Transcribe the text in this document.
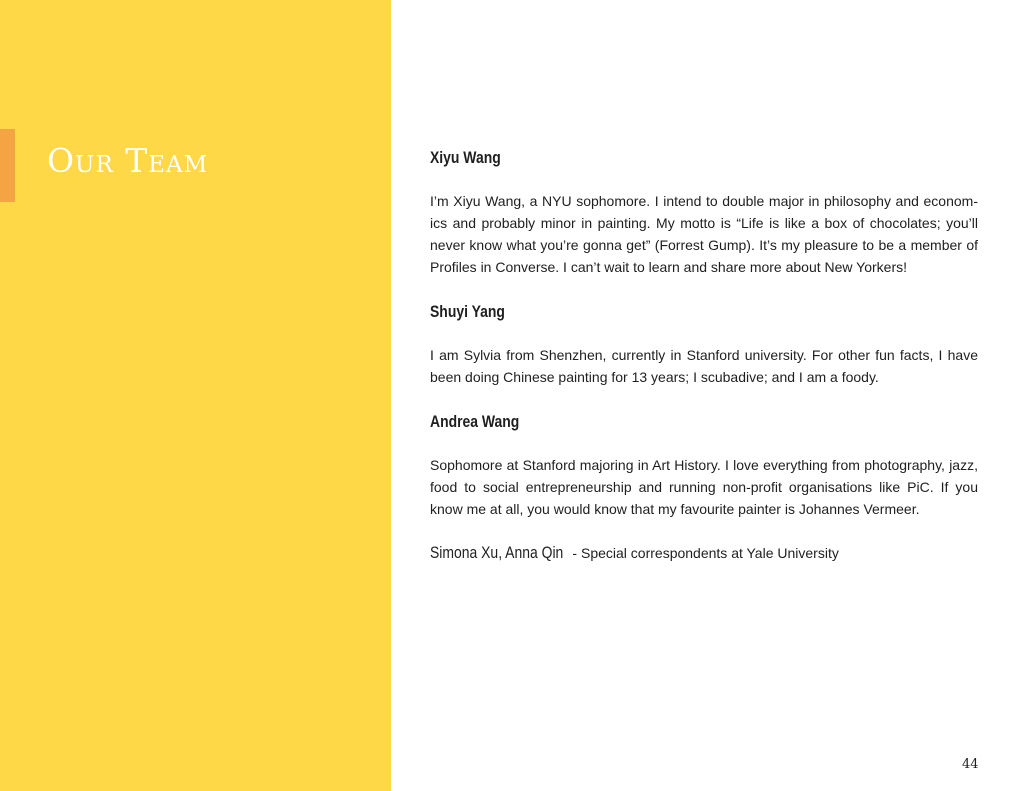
Our Team	Xiyu Wang

I’m Xiyu Wang, a NYU sophomore. I intend to double major in philosophy and econom-ics and probably minor in painting. My motto is “Life is like a box of chocolates; you’ll never know what you’re gonna get” (Forrest Gump). It’s my pleasure to be a member of Profiles in Converse. I can’t wait to learn and share more about New Yorkers!

Shuyi Yang

I am Sylvia from Shenzhen, currently in Stanford university. For other fun facts, I have been doing Chinese painting for 13 years; I scubadive; and I am a foody.

Andrea Wang

Sophomore at Stanford majoring in Art History. I love everything from photography, jazz, food to social entrepreneurship and running non-profit organisations like PiC. If you know me at all, you would know that my favourite painter is Johannes Vermeer.

Simona Xu, Anna Qin - Special correspondents at Yale University
44
